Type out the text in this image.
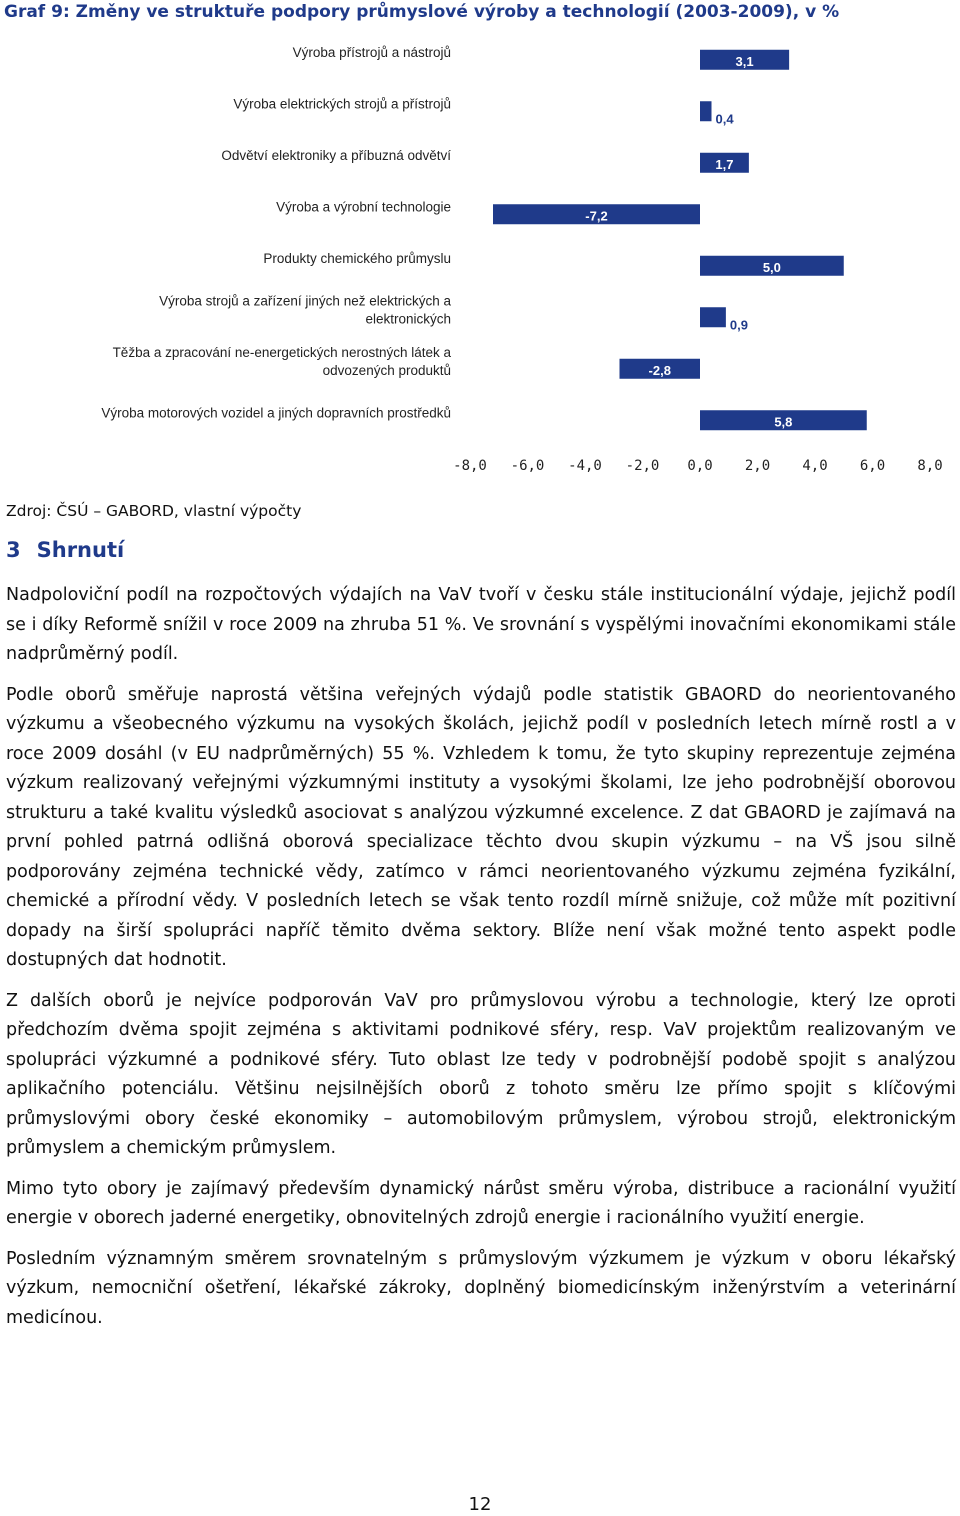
Graf 9: Změny ve struktuře podpory průmyslové výroby a technologií (2003-2009), v %
Výroba přístrojů a nástrojů
Výroba elektrických strojů a přístrojů
Odvětví elektroniky a příbuzná odvětví
Výroba a výrobní technologie
Produkty chemického průmyslu
Výroba strojů a zařízení jiných než elektrických a elektronických
Těžba a zpracování ne-energetických nerostných látek a odvozených produktů
Výroba motorových vozidel a jiných dopravních prostředků
3,1
0,4
1,7
-7,2
5,0
0,9
-2,8
5,8
-8,0 -6,0 -4,0 -2,0 0,0 2,0 4,0 6,0 8,0
Zdroj: ČSÚ – GABORD, vlastní výpočty
3 Shrnutí

Nadpoloviční podíl na rozpočtových výdajích na VaV tvoří v česku stále institucionální výdaje, jejichž podíl se i díky Reformě snížil v roce 2009 na zhruba 51 %. Ve srovnání s vyspělými inovačními ekonomikami stále nadprůměrný podíl.

Podle oborů směřuje naprostá většina veřejných výdajů podle statistik GBAORD do neorientovaného výzkumu a všeobecného výzkumu na vysokých školách, jejichž podíl v posledních letech mírně rostl a v roce 2009 dosáhl (v EU nadprůměrných) 55 %. Vzhledem k tomu, že tyto skupiny reprezentuje zejména výzkum realizovaný veřejnými výzkumnými instituty a vysokými školami, lze jeho podrobnější oborovou strukturu a také kvalitu výsledků asociovat s analýzou výzkumné excelence. Z dat GBAORD je zajímavá na první pohled patrná odlišná oborová specializace těchto dvou skupin výzkumu – na VŠ jsou silně podporovány zejména technické vědy, zatímco v rámci neorientovaného výzkumu zejména fyzikální, chemické a přírodní vědy. V posledních letech se však tento rozdíl mírně snižuje, což může mít pozitivní dopady na širší spolupráci napříč těmito dvěma sektory. Blíže není však možné tento aspekt podle dostupných dat hodnotit.

Z dalších oborů je nejvíce podporován VaV pro průmyslovou výrobu a technologie, který lze oproti předchozím dvěma spojit zejména s aktivitami podnikové sféry, resp. VaV projektům realizovaným ve spolupráci výzkumné a podnikové sféry. Tuto oblast lze tedy v podrobnější podobě spojit s analýzou aplikačního potenciálu. Většinu nejsilnějších oborů z tohoto směru lze přímo spojit s klíčovými průmyslovými obory české ekonomiky – automobilovým průmyslem, výrobou strojů, elektronickým průmyslem a chemickým průmyslem.

Mimo tyto obory je zajímavý především dynamický nárůst směru výroba, distribuce a racionální využití energie v oborech jaderné energetiky, obnovitelných zdrojů energie i racionálního využití energie.

Posledním významným směrem srovnatelným s průmyslovým výzkumem je výzkum v oboru lékařský výzkum, nemocniční ošetření, lékařské zákroky, doplněný biomedicínským inženýrstvím a veterinární medicínou.

12
